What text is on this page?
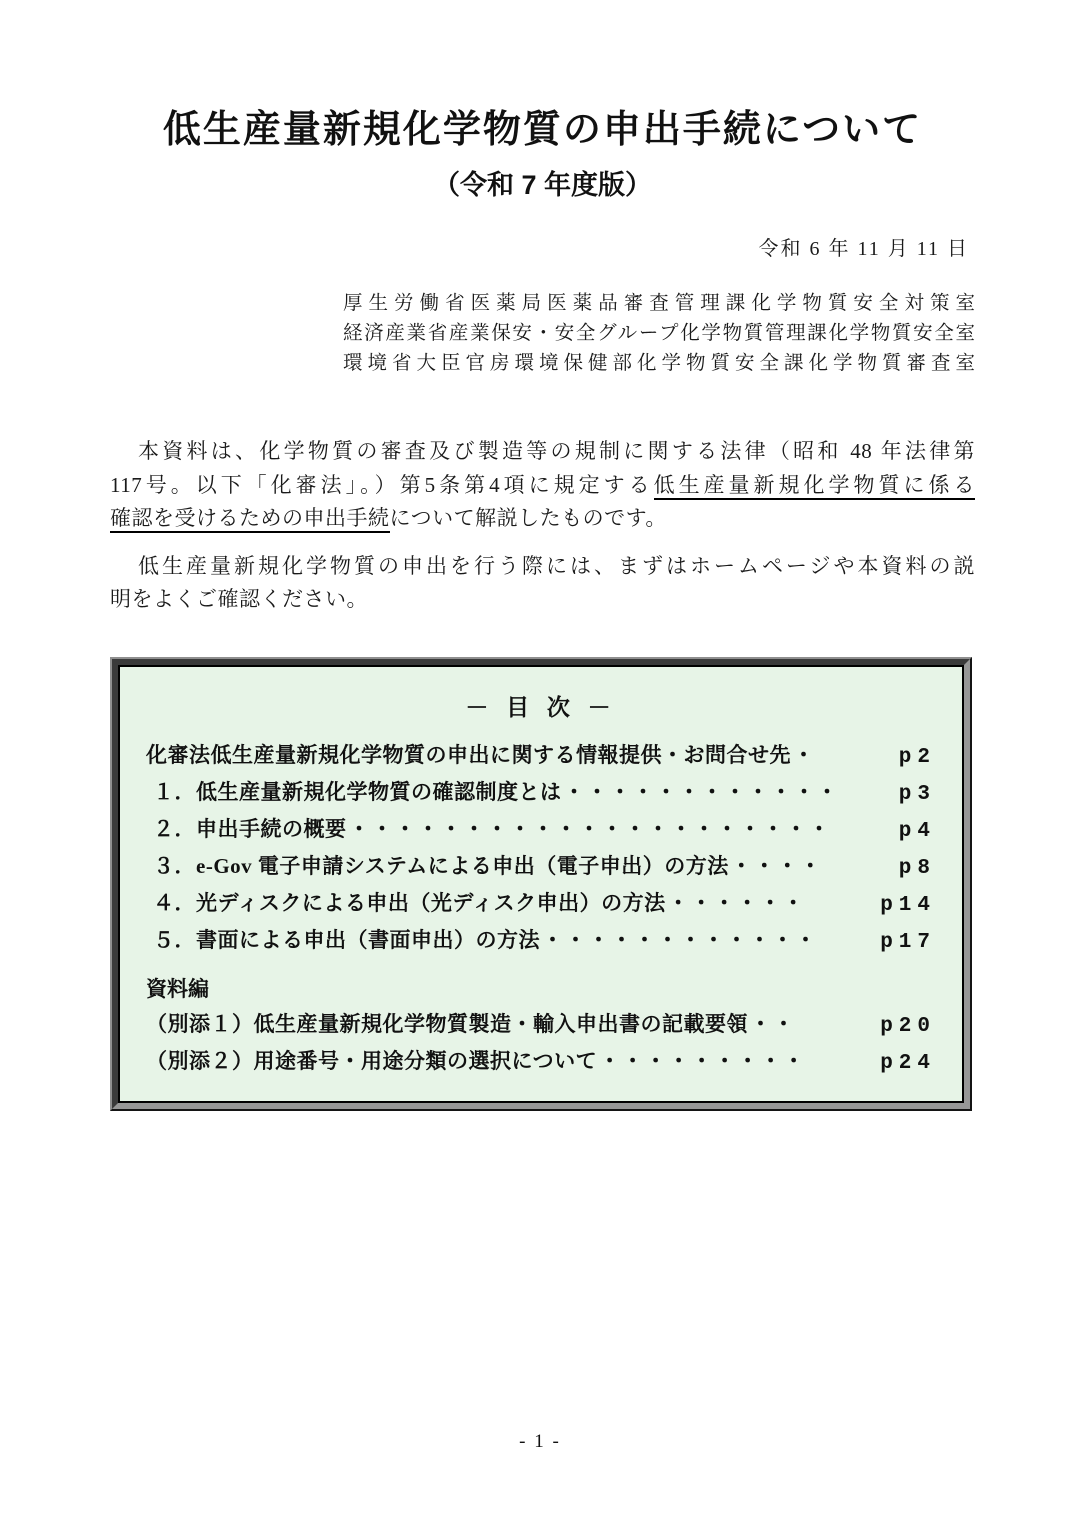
低生産量新規化学物質の申出手続について
（令和 7 年度版）
令和 6 年 11 月 11 日
厚生労働省医薬局医薬品審査管理課化学物質安全対策室
経済産業省産業保安・安全グループ化学物質管理課化学物質安全室
環境省大臣官房環境保健部化学物質安全課化学物質審査室
本資料は、化学物質の審査及び製造等の規制に関する法律（昭和 48 年法律第
117号。以下「化審法」。）第5条第4項に規定する低生産量新規化学物質に係る
確認を受けるための申出手続について解説したものです。
低生産量新規化学物質の申出を行う際には、まずはホームページや本資料の説
明をよくご確認ください。
－ 目 次 －
化審法低生産量新規化学物質の申出に関する情報提供・お問合せ先 ・	p2
１．低生産量新規化学物質の確認制度とは ・・・・・・・・・・・・	p3
２．申出手続の概要 ・・・・・・・・・・・・・・・・・・・・・	p4
３．e-Gov 電子申請システムによる申出（電子申出）の方法 ・・・・	p8
４．光ディスクによる申出（光ディスク申出）の方法 ・・・・・・	p14
５．書面による申出（書面申出）の方法 ・・・・・・・・・・・・	p17
資料編
（別添１）低生産量新規化学物質製造・輸入申出書の記載要領 ・・	p20
（別添２）用途番号・用途分類の選択について ・・・・・・・・・	p24
- 1 -
